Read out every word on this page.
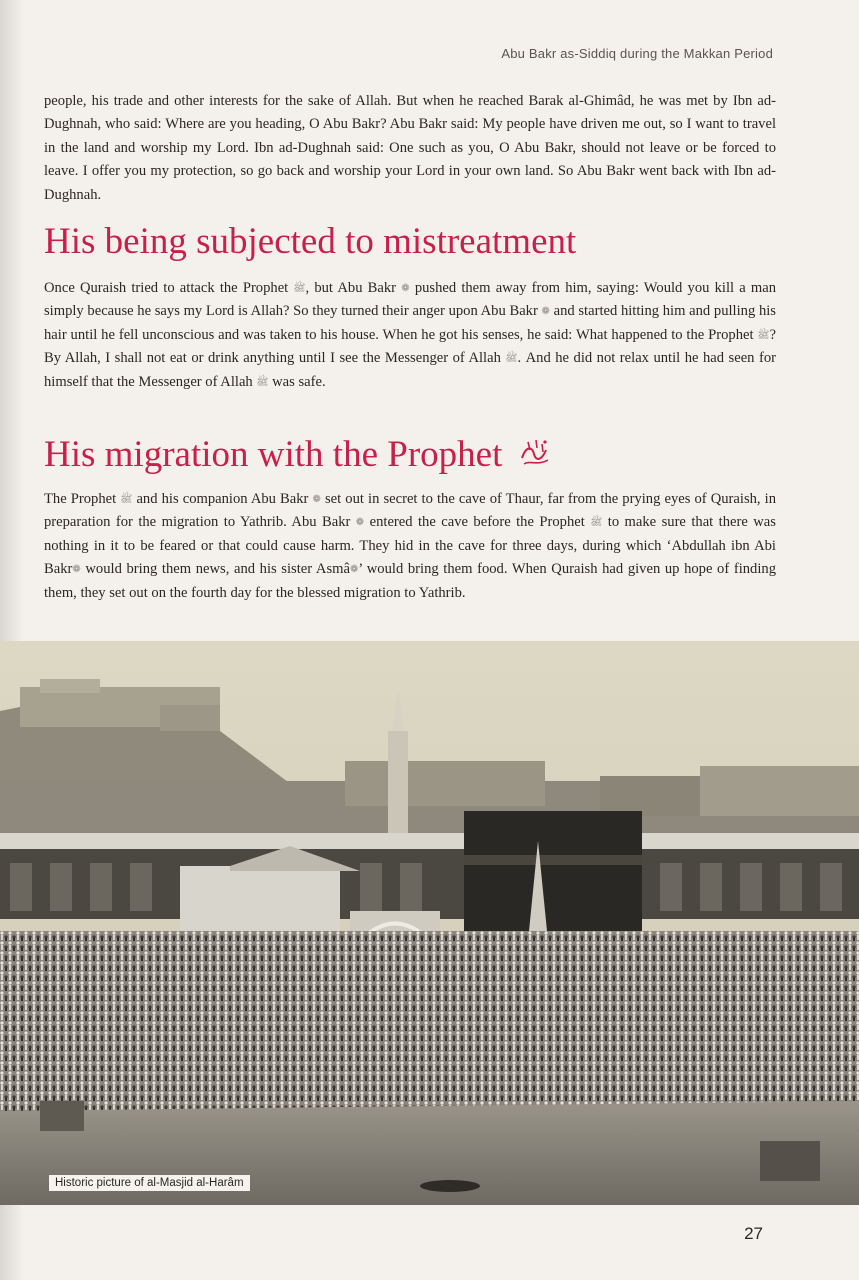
Abu Bakr as-Siddiq during the Makkan Period

people, his trade and other interests for the sake of Allah. But when he reached Barak al-Ghimâd, he was met by Ibn ad-Dughnah, who said: Where are you heading, O Abu Bakr? Abu Bakr said: My people have driven me out, so I want to travel in the land and worship my Lord. Ibn ad-Dughnah said: One such as you, O Abu Bakr, should not leave or be forced to leave. I offer you my protection, so go back and worship your Lord in your own land. So Abu Bakr went back with Ibn ad-Dughnah.

His being subjected to mistreatment

Once Quraish tried to attack the Prophet ﷺ, but Abu Bakr ❁ pushed them away from him, saying: Would you kill a man simply because he says my Lord is Allah? So they turned their anger upon Abu Bakr ❁ and started hitting him and pulling his hair until he fell unconscious and was taken to his house. When he got his senses, he said: What happened to the Prophet ﷺ? By Allah, I shall not eat or drink anything until I see the Messenger of Allah ﷺ. And he did not relax until he had seen for himself that the Messenger of Allah ﷺ was safe.

His migration with the Prophet

The Prophet ﷺ and his companion Abu Bakr ❁ set out in secret to the cave of Thaur, far from the prying eyes of Quraish, in preparation for the migration to Yathrib. Abu Bakr ❁ entered the cave before the Prophet ﷺ to make sure that there was nothing in it to be feared or that could cause harm. They hid in the cave for three days, during which ‘Abdullah ibn Abi Bakr❁ would bring them news, and his sister Asmâ❁’ would bring them food. When Quraish had given up hope of finding them, they set out on the fourth day for the blessed migration to Yathrib.

Historic picture of al-Masjid al-Harâm
27
